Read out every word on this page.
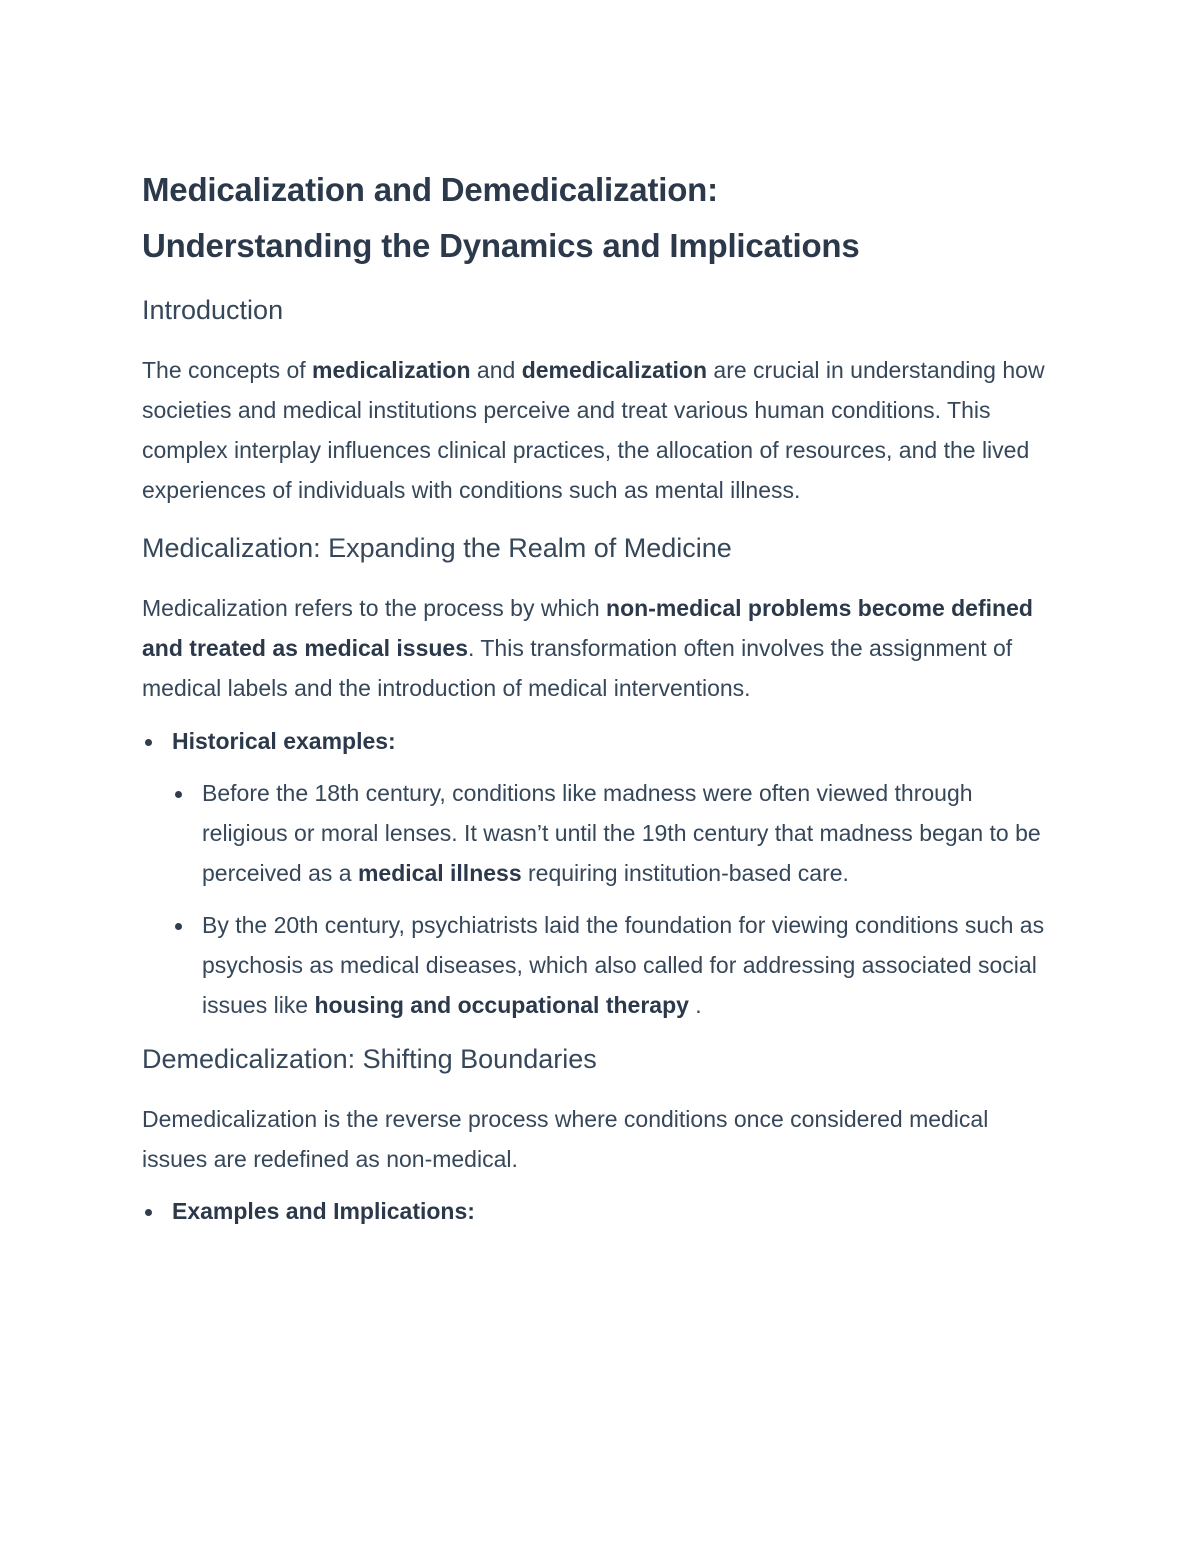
Medicalization and Demedicalization:
Understanding the Dynamics and Implications
Introduction

The concepts of medicalization and demedicalization are crucial in understanding how societies and medical institutions perceive and treat various human conditions. This complex interplay influences clinical practices, the allocation of resources, and the lived experiences of individuals with conditions such as mental illness.

Medicalization: Expanding the Realm of Medicine

Medicalization refers to the process by which non-medical problems become defined and treated as medical issues. This transformation often involves the assignment of medical labels and the introduction of medical interventions.

Historical examples:
Before the 18th century, conditions like madness were often viewed through religious or moral lenses. It wasn’t until the 19th century that madness began to be perceived as a medical illness requiring institution-based care.
By the 20th century, psychiatrists laid the foundation for viewing conditions such as psychosis as medical diseases, which also called for addressing associated social issues like housing and occupational therapy .
Demedicalization: Shifting Boundaries

Demedicalization is the reverse process where conditions once considered medical issues are redefined as non-medical.

Examples and Implications:
